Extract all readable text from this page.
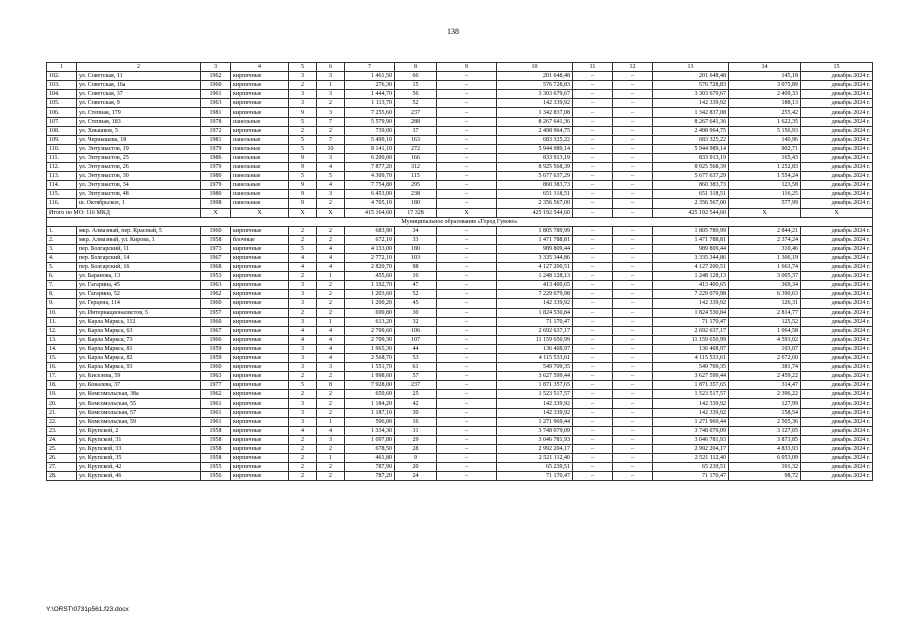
138
1	2	3	4	5	6	7	8	9	10	11	12	13	14	15
102.	ул. Советская, 11	1962	кирпичные	3	3	1 461,50	66	–	201 648,48	–	–	201 648,48	145,18	декабрь 2024 г.
103.	ул. Советская, 16а	1960	кирпичные	2	1	276,30	15	–	576 728,83	–	–	576 728,83	3 075,89	декабрь 2024 г.
104.	ул. Советская, 37	1961	кирпичные	3	3	1 444,70	56	–	3 303 679,67	–	–	3 303 679,67	2 409,33	декабрь 2024 г.
105.	ул. Советская, 9	1963	кирпичные	3	2	1 113,70	52	–	142 339,92	–	–	142 339,92	188,13	декабрь 2024 г.
106.	ул. Степная, 179	1981	кирпичные	9	3	7 255,60	237	–	1 342 837,08	–	–	1 342 837,08	255,42	декабрь 2024 г.
107.	ул. Степная, 183	1978	панельные	5	7	5 579,90	288	–	8 267 641,36	–	–	8 267 641,36	1 622,35	декабрь 2024 г.
108.	ул. Хвышков, 5	1972	кирпичные	2	2	739,00	37	–	2 498 964,75	–	–	2 498 964,75	5 156,93	декабрь 2024 г.
109.	ул. Чернышева, 18	1981	панельные	5	7	5 499,10	163	–	683 325,22	–	–	683 325,22	140,96	декабрь 2024 г.
110.	ул. Энтузиастов, 19	1979	панельные	5	10	8 141,10	272	–	5 944 989,14	–	–	5 944 989,14	902,71	декабрь 2024 г.
111.	ул. Энтузиастов, 25	1986	панельные	9	3	6 200,00	166	–	833 913,19	–	–	833 913,19	165,43	декабрь 2024 г.
112.	ул. Энтузиастов, 26	1979	панельные	9	4	7 877,20	312	–	8 925 568,39	–	–	8 925 568,39	1 252,83	декабрь 2024 г.
113.	ул. Энтузиастов, 30	1980	панельные	5	5	4 309,70	115	–	5 677 637,29	–	–	5 677 637,29	1 554,24	декабрь 2024 г.
114.	ул. Энтузиастов, 34	1979	панельные	9	4	7 754,80	295	–	860 383,73	–	–	860 383,73	123,58	декабрь 2024 г.
115.	ул. Энтузиастов, 48	1980	панельные	9	3	6 453,00	238	–	651 318,51	–	–	651 318,51	116,25	декабрь 2024 г.
116.	ш. Октябрьское, 1	1998	панельные	9	2	4 705,10	180	–	2 356 567,00	–	–	2 356 567,00	577,99	декабрь 2024 г.
Итого по МО: 116 МКД		X	X	X	X	415 164,60	17 328	X	425 192 544,60	–	–	425 192 544,60	X	X
Муниципальное образование «Город Гуково»														
1.	мкр. Алмазный, пер. Красный, 5	1960	кирпичные	2	2	683,90	34	–	1 805 789,99	–	–	1 805 789,99	2 844,21	декабрь 2024 г.
2.	мкр. Алмазный, ул. Кирова, 1	1958	блочные	2	2	672,10	33	–	1 471 788,81	–	–	1 471 788,81	2 374,24	декабрь 2024 г.
3.	пер. Болгарский, 11	1973	кирпичные	5	4	4 133,00	180	–	989 809,44	–	–	989 809,44	310,46	декабрь 2024 г.
4.	пер. Болгарский, 14	1967	кирпичные	4	4	2 772,10	103	–	3 335 344,86	–	–	3 335 344,86	1 306,19	декабрь 2024 г.
5.	пер. Болгарский, 16	1968	кирпичные	4	4	2 820,70	98	–	4 127 200,51	–	–	4 127 200,51	1 663,74	декабрь 2024 г.
6.	ул. Баранова, 13	1953	кирпичные	2	1	455,60	16	–	1 248 128,13	–	–	1 248 128,13	3 005,37	декабрь 2024 г.
7.	ул. Гагарина, 45	1963	кирпичные	3	2	1 192,70	47	–	413 400,65	–	–	413 400,65	369,34	декабрь 2024 г.
8.	ул. Гагарина, 52	1962	кирпичные	3	2	1 203,60	52	–	7 229 079,98	–	–	7 229 079,98	6 390,63	декабрь 2024 г.
9.	ул. Герцена, 114	1960	кирпичные	3	2	1 200,20	45	–	142 339,92	–	–	142 339,92	126,31	декабрь 2024 г.
10.	ул. Интернационалистов, 5	1957	кирпичные	2	2	699,80	30	–	1 824 530,84	–	–	1 824 530,84	2 814,77	декабрь 2024 г.
11.	ул. Карла Маркса, 112	1960	кирпичные	3	1	613,20	32	–	71 170,47	–	–	71 170,47	125,52	декабрь 2024 г.
12.	ул. Карла Маркса, 63	1967	кирпичные	4	4	2 709,60	106	–	2 692 637,17	–	–	2 692 637,17	1 064,58	декабрь 2024 г.
13.	ул. Карла Маркса, 73	1966	кирпичные	4	4	2 709,30	107	–	11 159 650,99	–	–	11 159 650,99	4 593,02	декабрь 2024 г.
14.	ул. Карла Маркса, 81	1959	кирпичные	3	4	1 965,30	44	–	136 408,97	–	–	136 408,97	103,07	декабрь 2024 г.
15.	ул. Карла Маркса, 82	1959	кирпичные	3	4	2 568,70	53	–	4 115 533,61	–	–	4 115 533,61	2 672,60	декабрь 2024 г.
16.	ул. Карла Маркса, 93	1960	кирпичные	3	3	1 551,70	61	–	549 709,35	–	–	549 709,35	381,74	декабрь 2024 г.
17.	ул. Киселева, 59	1963	кирпичные	2	2	1 998,60	57	–	3 627 599,44	–	–	3 627 599,44	2 459,22	декабрь 2024 г.
18.	ул. Ковалева, 37	1977	кирпичные	5	8	7 928,00	237	–	1 871 357,65	–	–	1 871 357,65	314,47	декабрь 2024 г.
19.	ул. Комсомольская, 38а	1962	кирпичные	2	2	659,60	25	–	1 523 517,57	–	–	1 523 517,57	2 396,22	декабрь 2024 г.
20.	ул. Комсомольская, 55	1961	кирпичные	3	2	1 184,20	42	–	142 339,92	–	–	142 339,92	127,99	декабрь 2024 г.
21.	ул. Комсомольская, 57	1961	кирпичные	3	2	1 187,10	30	–	142 339,92	–	–	142 339,92	158,54	декабрь 2024 г.
22.	ул. Комсомольская, 59	1961	кирпичные	3	1	596,00	16	–	1 271 969,44	–	–	1 271 969,44	2 505,36	декабрь 2024 г.
23.	ул. Крупской, 2	1958	кирпичные	4	4	1 334,30	31	–	3 748 079,09	–	–	3 748 079,09	3 127,05	декабрь 2024 г.
24.	ул. Крупской, 31	1958	кирпичные	2	3	1 097,80	29	–	3 046 781,93	–	–	3 046 781,93	3 873,85	декабрь 2024 г.
25.	ул. Крупской, 33	1958	кирпичные	2	2	678,50	28	–	2 992 204,17	–	–	2 992 204,17	4 833,93	декабрь 2024 г.
26.	ул. Крупской, 35	1958	кирпичные	2	1	461,80	9	–	2 521 112,40	–	–	2 521 112,40	6 053,09	декабрь 2024 г.
27.	ул. Крупской, 42	1955	кирпичные	2	2	787,90	20	–	65 239,51	–	–	65 239,51	101,32	декабрь 2024 г.
28.	ул. Крупской, 46	1956	кирпичные	2	2	787,20	24	–	71 170,47	–	–	71 170,47	98,72	декабрь 2024 г.
Y:\ORST\0731p561.f23.docx
